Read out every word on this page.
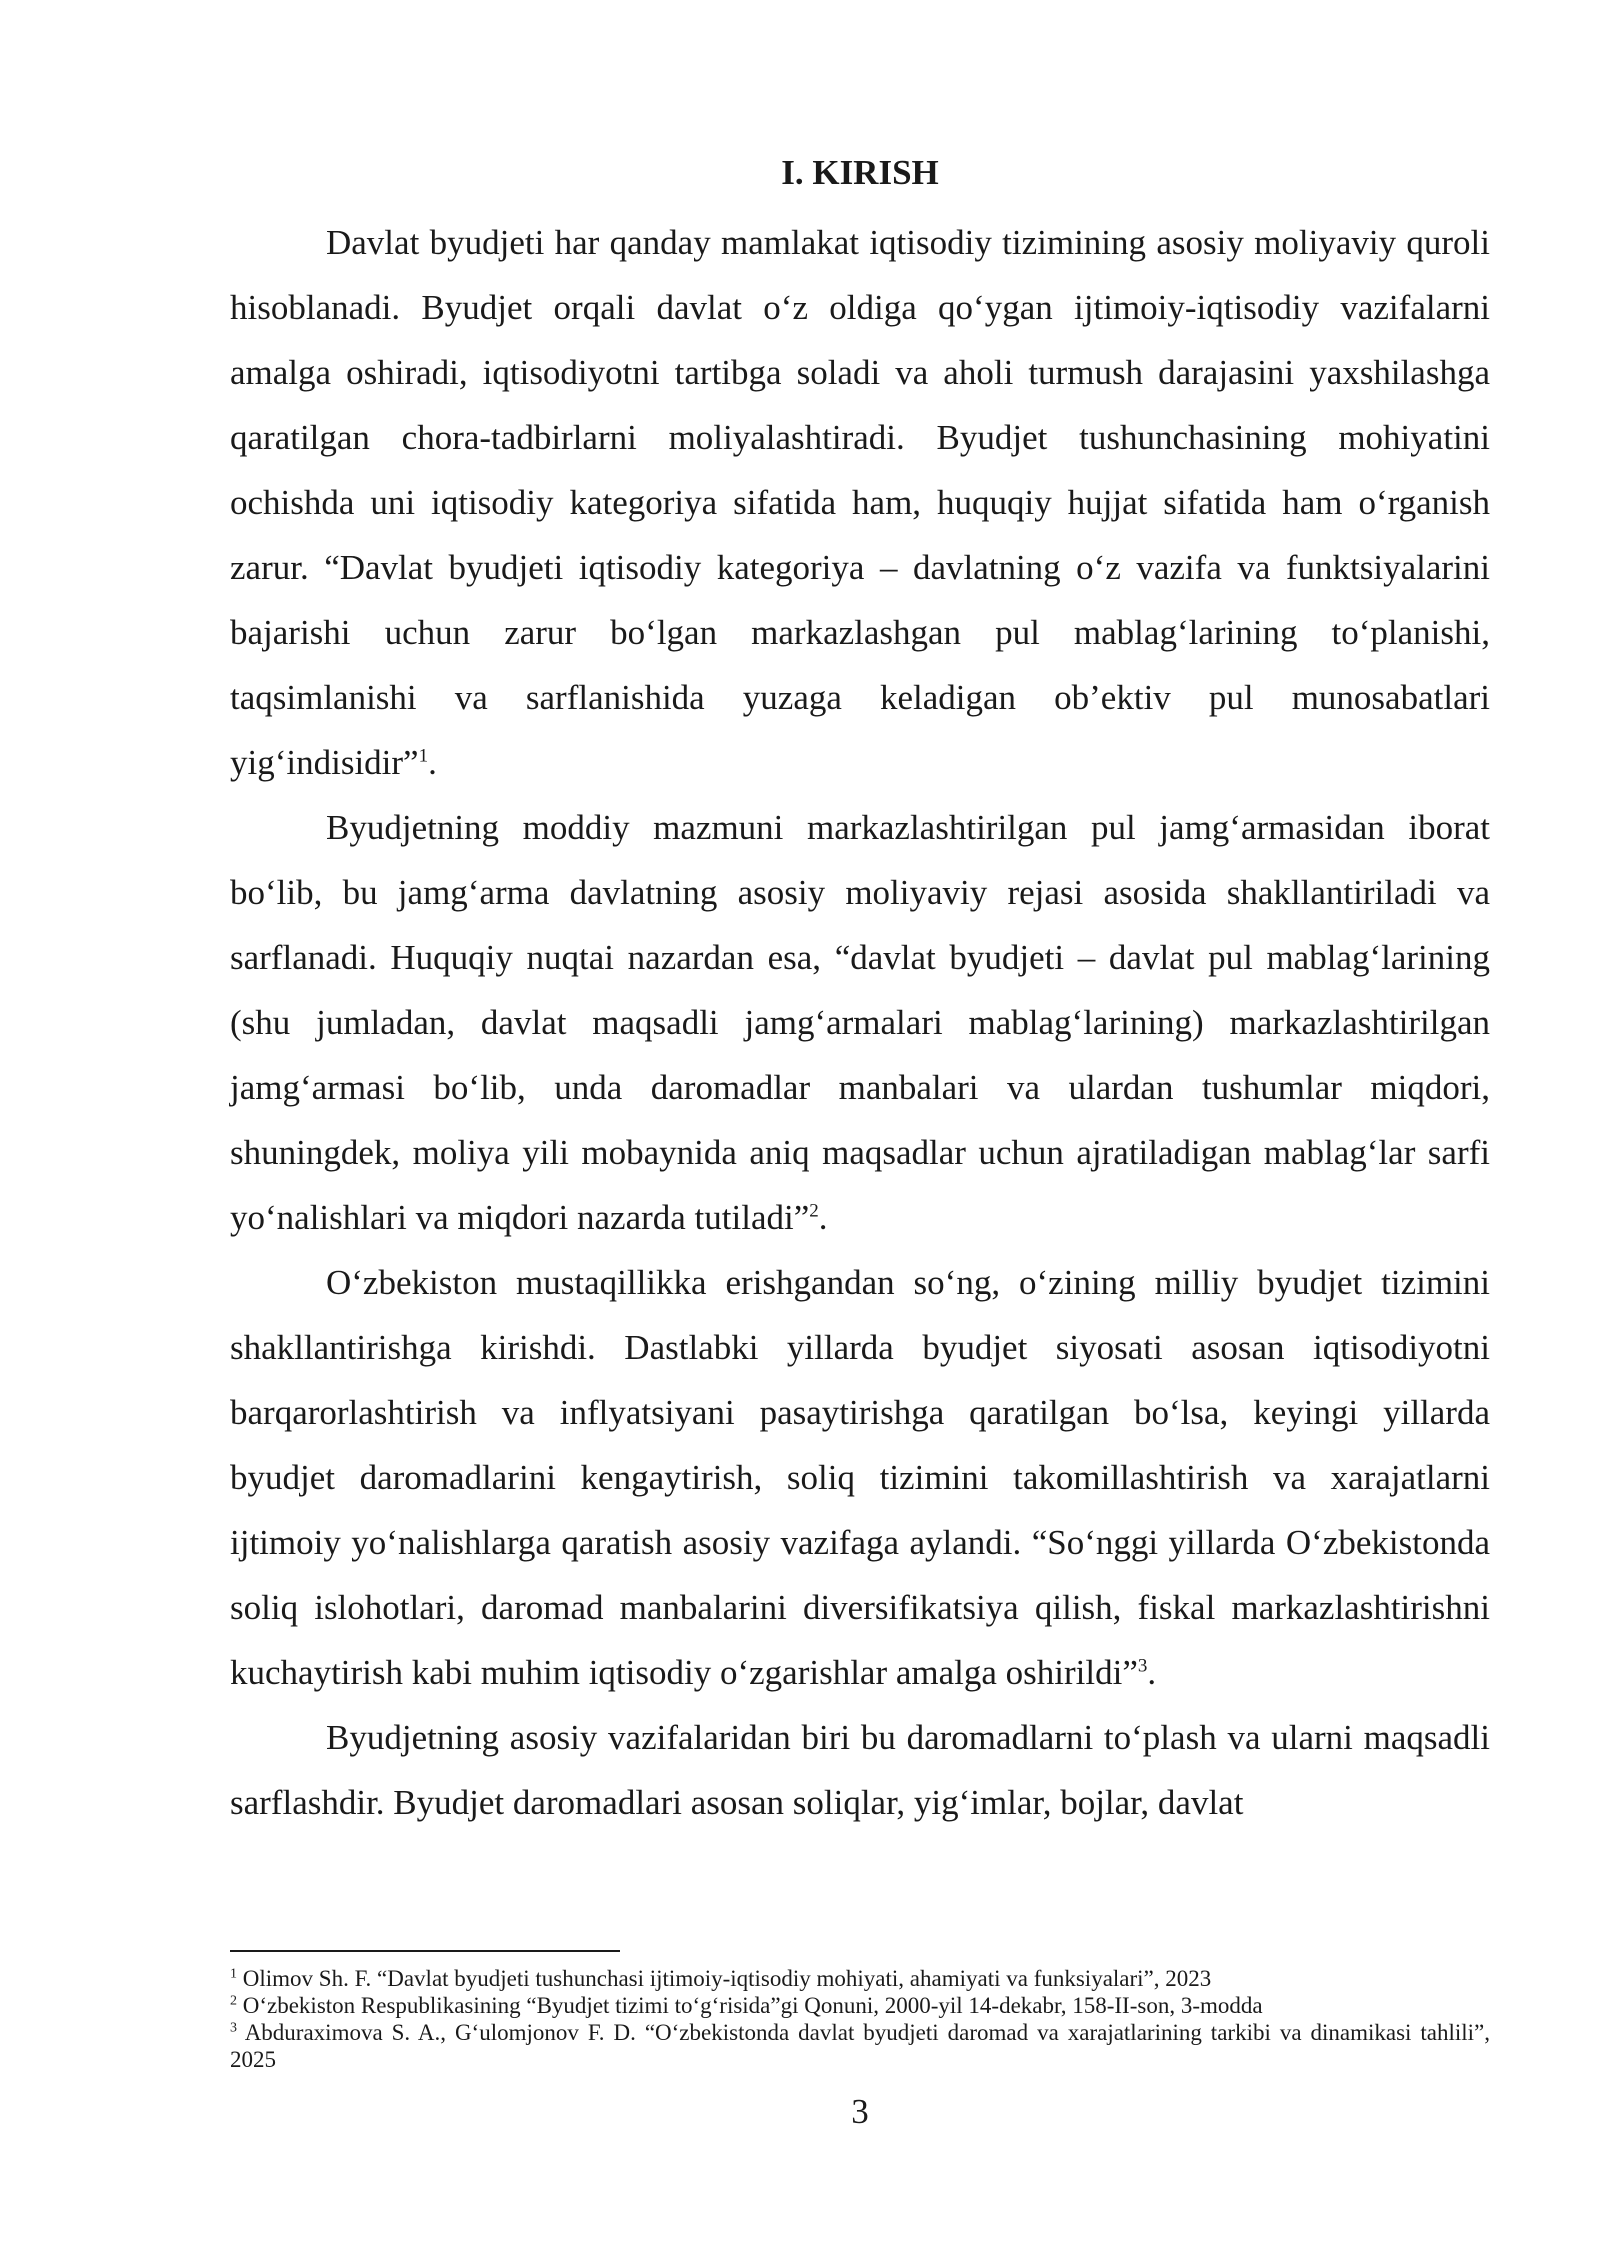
I. KIRISH

Davlat byudjeti har qanday mamlakat iqtisodiy tizimining asosiy moliyaviy quroli hisoblanadi. Byudjet orqali davlat o‘z oldiga qo‘ygan ijtimoiy-iqtisodiy vazifalarni amalga oshiradi, iqtisodiyotni tartibga soladi va aholi turmush darajasini yaxshilashga qaratilgan chora-tadbirlarni moliyalashtiradi. Byudjet tushunchasining mohiyatini ochishda uni iqtisodiy kategoriya sifatida ham, huquqiy hujjat sifatida ham o‘rganish zarur. “Davlat byudjeti iqtisodiy kategoriya – davlatning o‘z vazifa va funktsiyalarini bajarishi uchun zarur bo‘lgan markazlashgan pul mablag‘larining to‘planishi, taqsimlanishi va sarflanishida yuzaga keladigan ob’ektiv pul munosabatlari yig‘indisidir”$^1$.

Byudjetning moddiy mazmuni markazlashtirilgan pul jamg‘armasidan iborat bo‘lib, bu jamg‘arma davlatning asosiy moliyaviy rejasi asosida shakllantiriladi va sarflanadi. Huquqiy nuqtai nazardan esa, “davlat byudjeti – davlat pul mablag‘larining (shu jumladan, davlat maqsadli jamg‘armalari mablag‘larining) markazlashtirilgan jamg‘armasi bo‘lib, unda daromadlar manbalari va ulardan tushumlar miqdori, shuningdek, moliya yili mobaynida aniq maqsadlar uchun ajratiladigan mablag‘lar sarfi yo‘nalishlari va miqdori nazarda tutiladi”$^2$.

O‘zbekiston mustaqillikka erishgandan so‘ng, o‘zining milliy byudjet tizimini shakllantirishga kirishdi. Dastlabki yillarda byudjet siyosati asosan iqtisodiyotni barqarorlashtirish va inflyatsiyani pasaytirishga qaratilgan bo‘lsa, keyingi yillarda byudjet daromadlarini kengaytirish, soliq tizimini takomillashtirish va xarajatlarni ijtimoiy yo‘nalishlarga qaratish asosiy vazifaga aylandi. “So‘nggi yillarda O‘zbekistonda soliq islohotlari, daromad manbalarini diversifikatsiya qilish, fiskal markazlashtirishni kuchaytirish kabi muhim iqtisodiy o‘zgarishlar amalga oshirildi”$^3$.

Byudjetning asosiy vazifalaridan biri bu daromadlarni to‘plash va ularni maqsadli sarflashdir. Byudjet daromadlari asosan soliqlar, yig‘imlar, bojlar, davlat

$^1$ Olimov Sh. F. “Davlat byudjeti tushunchasi ijtimoiy-iqtisodiy mohiyati, ahamiyati va funksiyalari”, 2023

$^2$ O‘zbekiston Respublikasining “Byudjet tizimi to‘g‘risida”gi Qonuni, 2000-yil 14-dekabr, 158-II-son, 3-modda

$^3$ Abduraximova S. A., G‘ulomjonov F. D. “O‘zbekistonda davlat byudjeti daromad va xarajatlarining tarkibi va dinamikasi tahlili”, 2025

3
